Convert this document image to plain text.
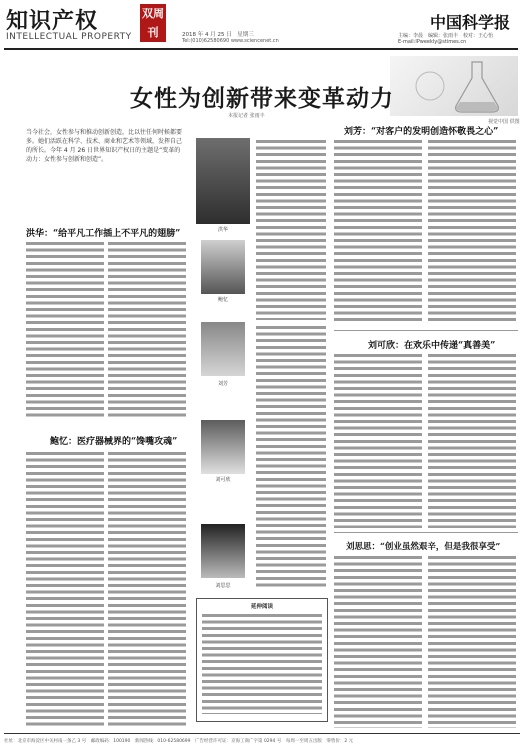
知识产权
INTELLECTUAL PROPERTY
双周
刊	2018 年 4 月 25 日　星期三
Tel:(010)62580690 www.sciencenet.cn
中国科学报
主编：李晨　编辑：张雨丰　校对：王心怡
E-mail:lPweekly@stimes.cn
女性为创新带来变革动力
本报记者 张雨丰
视觉中国 供图
当今社会，女性参与和推动创新创造，比以往任何时候都要多。她们活跃在科学、技术、商业和艺术等领域，发挥自己的所长。今年 4 月 26 日世界知识产权日的主题是“变革的动力：女性参与创新和创造”。
洪华：“给平凡工作插上不平凡的翅膀”
鲍忆：医疗器械界的“馋嘴攻魂”
洪华
鲍忆
刘芳
刘可欣
刘思思
延伸阅读
刘芳：“对客户的发明创造怀敬畏之心”
刘可欣：在欢乐中传递“真善美”
刘思思：“创业虽然艰辛，但是我很享受”
社址：北京市海淀区中关村南一条乙 3 号　邮政编码：100190　新闻热线：010-62580699　广告经营许可证：京海工商广字第 0294 号　每周一至周五出版　零售价：2 元
